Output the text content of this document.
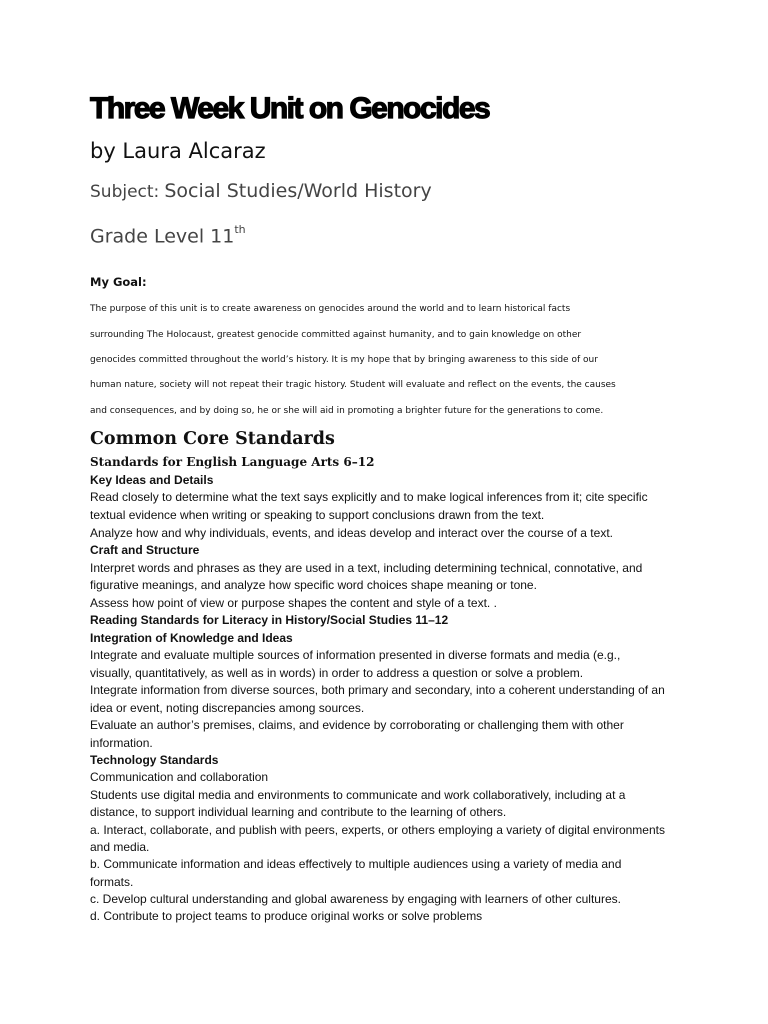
Three Week Unit on Genocides

by Laura Alcaraz

Subject: Social Studies/World History

Grade Level 11th

My Goal:

The purpose of this unit is to create awareness on genocides around the world and to learn historical facts

surrounding The Holocaust, greatest genocide committed against humanity, and to gain knowledge on other

genocides committed throughout the world’s history. It is my hope that by bringing awareness to this side of our

human nature, society will not repeat their tragic history. Student will evaluate and reflect on the events, the causes

and consequences, and by doing so, he or she will aid in promoting a brighter future for the generations to come.

Common Core Standards

Standards for English Language Arts 6–12

Key Ideas and Details

Read closely to determine what the text says explicitly and to make logical inferences from it; cite specific

textual evidence when writing or speaking to support conclusions drawn from the text.

Analyze how and why individuals, events, and ideas develop and interact over the course of a text.

Craft and Structure

Interpret words and phrases as they are used in a text, including determining technical, connotative, and

figurative meanings, and analyze how specific word choices shape meaning or tone.

Assess how point of view or purpose shapes the content and style of a text. .

Reading Standards for Literacy in History/Social Studies 11–12

Integration of Knowledge and Ideas

Integrate and evaluate multiple sources of information presented in diverse formats and media (e.g.,

visually, quantitatively, as well as in words) in order to address a question or solve a problem.

Integrate information from diverse sources, both primary and secondary, into a coherent understanding of an

idea or event, noting discrepancies among sources.

Evaluate an author’s premises, claims, and evidence by corroborating or challenging them with other

information.

Technology Standards

Communication and collaboration

Students use digital media and environments to communicate and work collaboratively, including at a

distance, to support individual learning and contribute to the learning of others.

a. Interact, collaborate, and publish with peers, experts, or others employing a variety of digital environments

and media.

b. Communicate information and ideas effectively to multiple audiences using a variety of media and

formats.

c. Develop cultural understanding and global awareness by engaging with learners of other cultures.

d. Contribute to project teams to produce original works or solve problems
